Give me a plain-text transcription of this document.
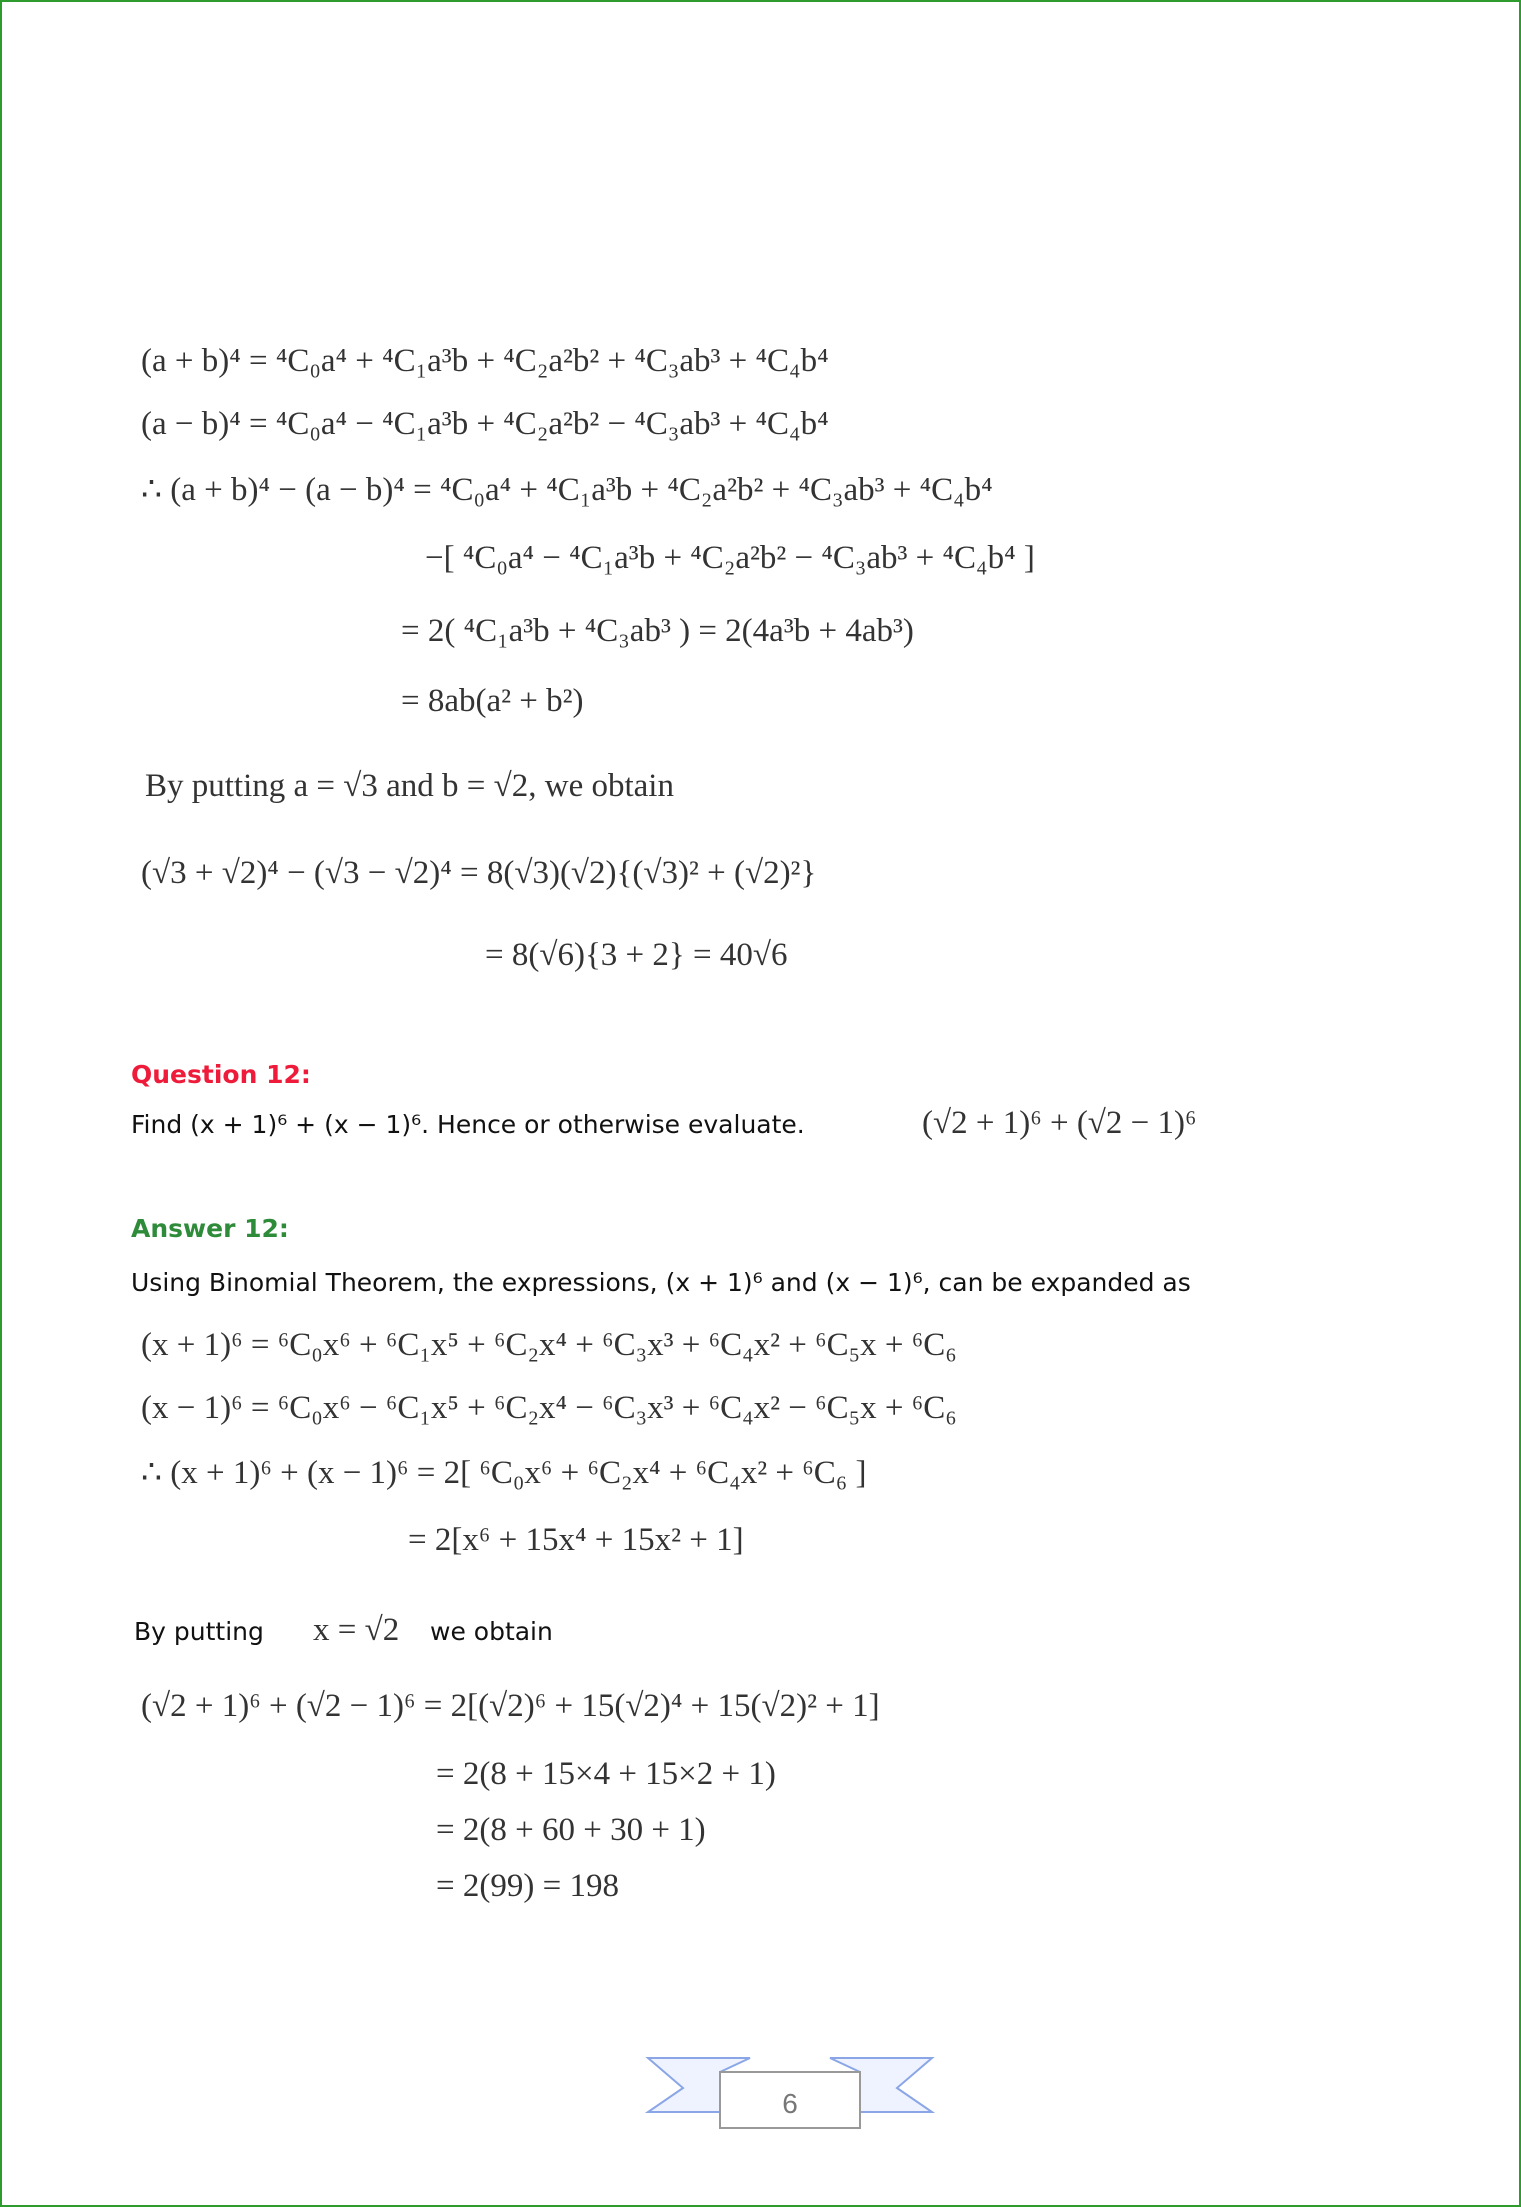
(a + b)⁴ = ⁴C₀a⁴ + ⁴C₁a³b + ⁴C₂a²b² + ⁴C₃ab³ + ⁴C₄b⁴
(a − b)⁴ = ⁴C₀a⁴ − ⁴C₁a³b + ⁴C₂a²b² − ⁴C₃ab³ + ⁴C₄b⁴
∴ (a + b)⁴ − (a − b)⁴ = ⁴C₀a⁴ + ⁴C₁a³b + ⁴C₂a²b² + ⁴C₃ab³ + ⁴C₄b⁴
−[ ⁴C₀a⁴ − ⁴C₁a³b + ⁴C₂a²b² − ⁴C₃ab³ + ⁴C₄b⁴ ]
= 2( ⁴C₁a³b + ⁴C₃ab³ ) = 2(4a³b + 4ab³)
= 8ab(a² + b²)
By putting a = √3 and b = √2, we obtain
(√3 + √2)⁴ − (√3 − √2)⁴ = 8(√3)(√2){(√3)² + (√2)²}
= 8(√6){3 + 2} = 40√6
Question 12:
Find (x + 1)⁶ + (x − 1)⁶. Hence or otherwise evaluate.	(√2 + 1)⁶ + (√2 − 1)⁶
Answer 12:
Using Binomial Theorem, the expressions, (x + 1)⁶ and (x − 1)⁶, can be expanded as
(x + 1)⁶ = ⁶C₀x⁶ + ⁶C₁x⁵ + ⁶C₂x⁴ + ⁶C₃x³ + ⁶C₄x² + ⁶C₅x + ⁶C₆
(x − 1)⁶ = ⁶C₀x⁶ − ⁶C₁x⁵ + ⁶C₂x⁴ − ⁶C₃x³ + ⁶C₄x² − ⁶C₅x + ⁶C₆
∴ (x + 1)⁶ + (x − 1)⁶ = 2[ ⁶C₀x⁶ + ⁶C₂x⁴ + ⁶C₄x² + ⁶C₆ ]
= 2[x⁶ + 15x⁴ + 15x² + 1]
By putting x = √2 we obtain
(√2 + 1)⁶ + (√2 − 1)⁶ = 2[(√2)⁶ + 15(√2)⁴ + 15(√2)² + 1]
= 2(8 + 15×4 + 15×2 + 1)
= 2(8 + 60 + 30 + 1)
= 2(99) = 198
6
